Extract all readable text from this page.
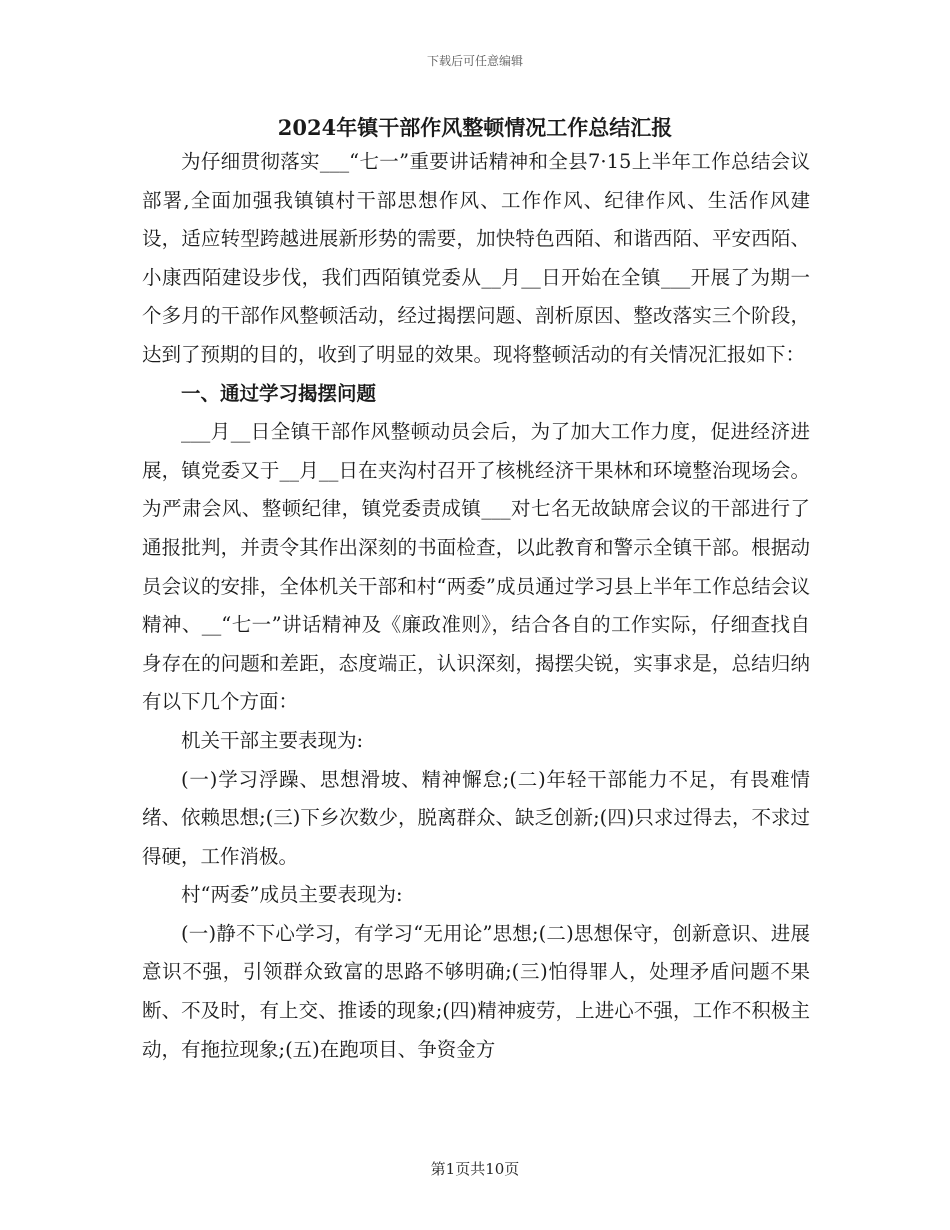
下载后可任意编辑
2024年镇干部作风整顿情况工作总结汇报

为仔细贯彻落实___“七一”重要讲话精神和全县7·15上半年工作总结会议部署,全面加强我镇镇村干部思想作风、工作作风、纪律作风、生活作风建设，适应转型跨越进展新形势的需要，加快特色西陌、和谐西陌、平安西陌、小康西陌建设步伐，我们西陌镇党委从__月__日开始在全镇___开展了为期一个多月的干部作风整顿活动，经过揭摆问题、剖析原因、整改落实三个阶段，达到了预期的目的，收到了明显的效果。现将整顿活动的有关情况汇报如下：

一、通过学习揭摆问题

___月__日全镇干部作风整顿动员会后，为了加大工作力度，促进经济进展，镇党委又于__月__日在夹沟村召开了核桃经济干果林和环境整治现场会。为严肃会风、整顿纪律，镇党委责成镇___对七名无故缺席会议的干部进行了通报批判，并责令其作出深刻的书面检查，以此教育和警示全镇干部。根据动员会议的安排，全体机关干部和村“两委”成员通过学习县上半年工作总结会议精神、__“七一”讲话精神及《廉政准则》，结合各自的工作实际，仔细查找自身存在的问题和差距，态度端正，认识深刻，揭摆尖锐，实事求是，总结归纳有以下几个方面：

机关干部主要表现为:

(一)学习浮躁、思想滑坡、精神懈怠;(二)年轻干部能力不足，有畏难情绪、依赖思想;(三)下乡次数少，脱离群众、缺乏创新;(四)只求过得去，不求过得硬，工作消极。

村“两委”成员主要表现为:

(一)静不下心学习，有学习“无用论”思想;(二)思想保守，创新意识、进展意识不强，引领群众致富的思路不够明确;(三)怕得罪人，处理矛盾问题不果断、不及时，有上交、推诿的现象;(四)精神疲劳，上进心不强，工作不积极主动，有拖拉现象;(五)在跑项目、争资金方

第1页共10页
